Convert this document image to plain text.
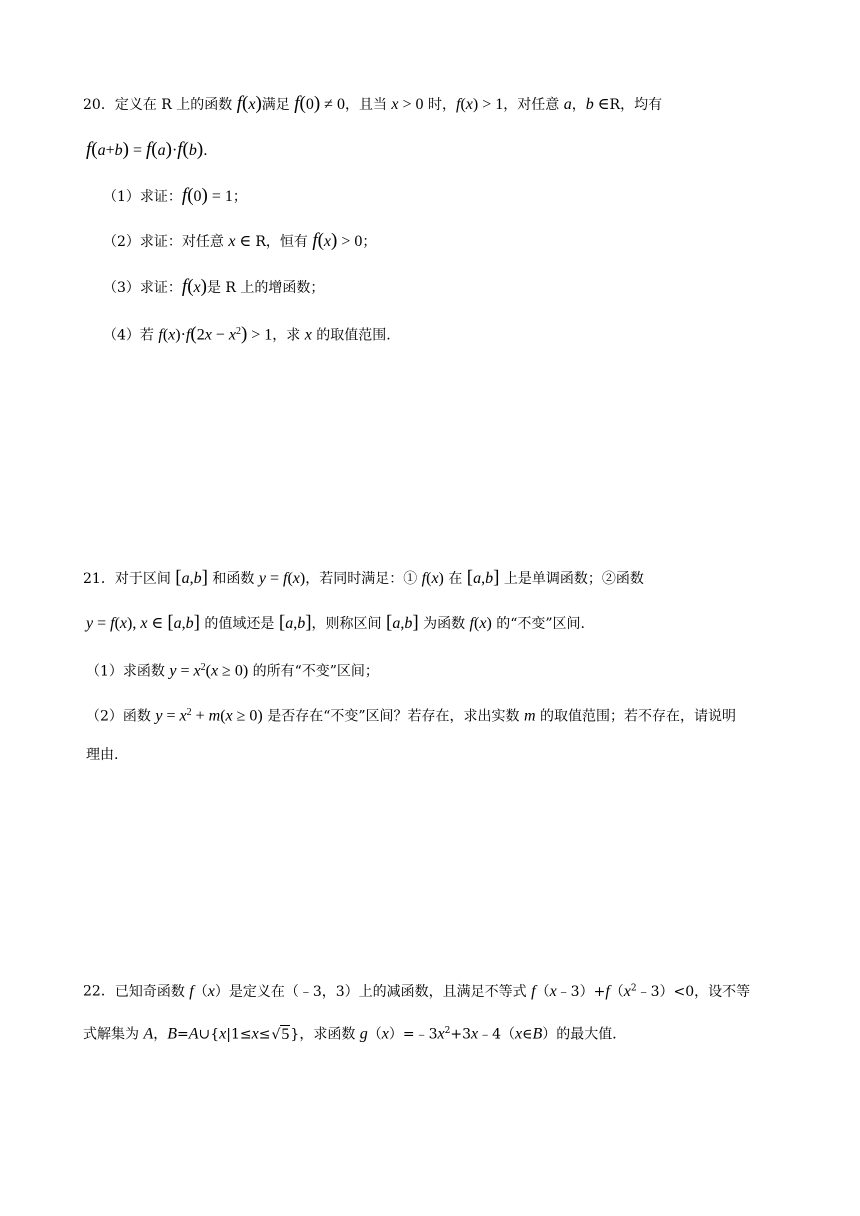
20．定义在 R 上的函数 f(x)满足 f(0) ≠ 0，且当 x > 0 时，f(x) > 1，对任意 a，b ∈R，均有
f(a+b) = f(a)·f(b)．
（1）求证：f(0) = 1；
（2）求证：对任意 x ∈ R，恒有 f(x) > 0；
（3）求证：f(x)是 R 上的增函数；
（4）若 $f(x)\cdot f(2x - x^2) > 1$，求 x 的取值范围.
21．对于区间 [a,b] 和函数 y = f(x)，若同时满足：① f(x) 在 [a,b] 上是单调函数；②函数
y = f(x), x ∈ [a,b] 的值域还是 [a,b]，则称区间 [a,b] 为函数 f(x) 的“不变”区间.
（1）求函数 $y = x^2(x \ge 0)$ 的所有“不变”区间；
（2）函数 $y = x^2 + m(x \ge 0)$ 是否存在“不变”区间？若存在，求出实数 m 的取值范围；若不存在，请说明
理由.
22．已知奇函数 f（x）是定义在（﹣3，3）上的减函数，且满足不等式 $f(x﹣3)+f(x^2﹣3)<0$，设不等
式解集为 A，B=A∪{x|1≤x≤√5}，求函数 $g(x)=﹣3x^2+3x﹣4(x\in B)$的最大值．
